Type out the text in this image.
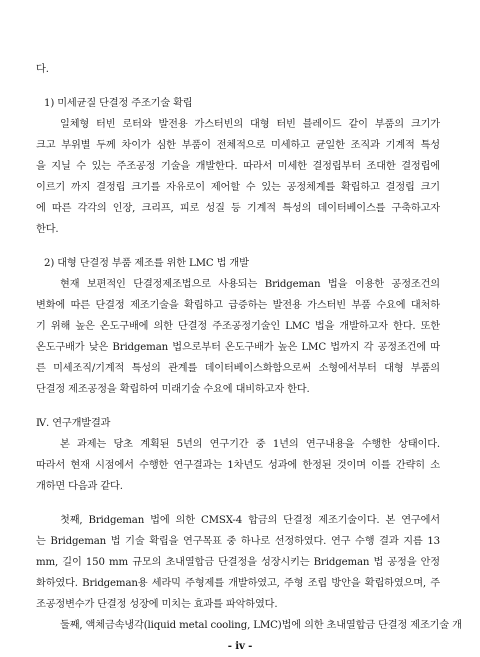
다.
1) 미세균질 단결정 주조기술 확립
일체형 터빈 로터와 발전용 가스터빈의 대형 터빈 블레이드 같이 부품의 크기가
크고 부위별 두께 차이가 심한 부품이 전체적으로 미세하고 균일한 조직과 기계적 특성
을 지닐 수 있는 주조공정 기술을 개발한다. 따라서 미세한 결정립부터 조대한 결정립에
이르기 까지 결정립 크기를 자유로이 제어할 수 있는 공정체계를 확립하고 결정립 크기
에 따른 각각의 인장, 크리프, 피로 성질 등 기계적 특성의 데이터베이스를 구축하고자
한다.
2) 대형 단결정 부품 제조를 위한 LMC 법 개발
현재 보편적인 단결정제조법으로 사용되는 Bridgeman 법을 이용한 공정조건의
변화에 따른 단결정 제조기술을 확립하고 급증하는 발전용 가스터빈 부품 수요에 대처하
기 위해 높은 온도구배에 의한 단결정 주조공정기술인 LMC 법을 개발하고자 한다. 또한
온도구배가 낮은 Bridgeman 법으로부터 온도구배가 높은 LMC 법까지 각 공정조건에 따
른 미세조직/기계적 특성의 관계를 데이터베이스화함으로써 소형에서부터 대형 부품의
단결정 제조공정을 확립하여 미래기술 수요에 대비하고자 한다.
Ⅳ. 연구개발결과
본 과제는 당초 계획된 5년의 연구기간 중 1년의 연구내용을 수행한 상태이다.
따라서 현재 시점에서 수행한 연구결과는 1차년도 성과에 한정된 것이며 이를 간략히 소
개하면 다음과 같다.
첫째, Bridgeman 법에 의한 CMSX-4 합금의 단결정 제조기술이다. 본 연구에서
는 Bridgeman 법 기술 확립을 연구목표 중 하나로 선정하였다. 연구 수행 결과 지름 13
mm, 길이 150 mm 규모의 초내열합금 단결정을 성장시키는 Bridgeman 법 공정을 안정
화하였다. Bridgeman용 세라믹 주형제를 개발하였고, 주형 조립 방안을 확립하였으며, 주
조공정변수가 단결정 성장에 미치는 효과를 파악하였다.
둘째, 액체금속냉각(liquid metal cooling, LMC)법에 의한 초내열합금 단결정 제조기술 개
- iv -
